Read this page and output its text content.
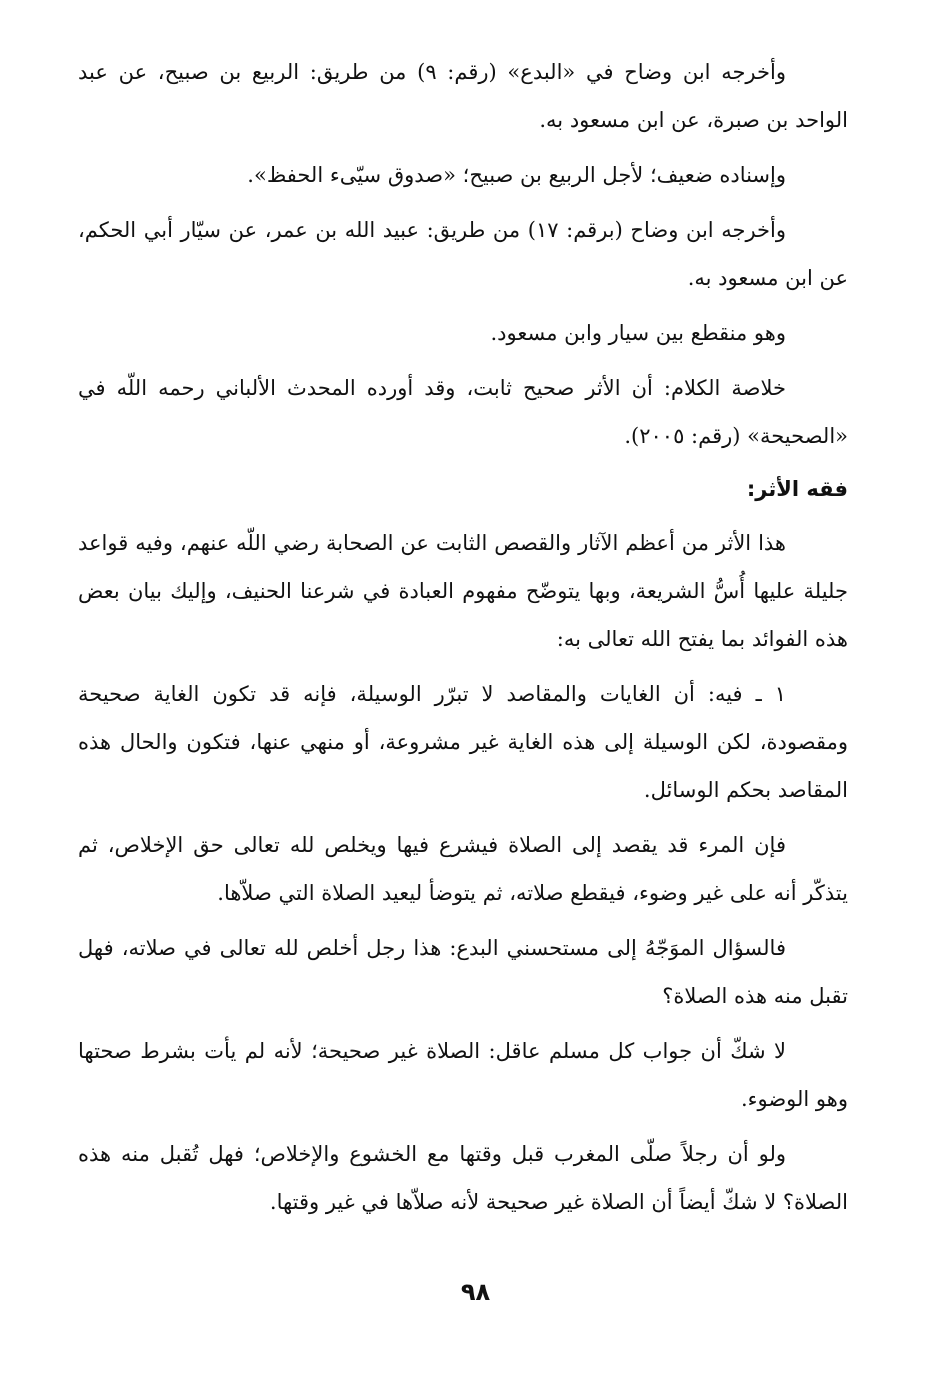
وأخرجه ابن وضاح في «البدع» (رقم: ٩) من طريق: الربيع بن صبيح، عن عبد الواحد بن صبرة، عن ابن مسعود به.

وإسناده ضعيف؛ لأجل الربيع بن صبيح؛ «صدوق سيّىء الحفظ».

وأخرجه ابن وضاح (برقم: ١٧) من طريق: عبيد الله بن عمر، عن سيّار أبي الحكم، عن ابن مسعود به.

وهو منقطع بين سيار وابن مسعود.

خلاصة الكلام: أن الأثر صحيح ثابت، وقد أورده المحدث الألباني رحمه اللّه في «الصحيحة» (رقم: ٢٠٠٥).

فقه الأثر:

هذا الأثر من أعظم الآثار والقصص الثابت عن الصحابة رضي اللّه عنهم، وفيه قواعد جليلة عليها أُسُّ الشريعة، وبها يتوضّح مفهوم العبادة في شرعنا الحنيف، وإليك بيان بعض هذه الفوائد بما يفتح الله تعالى به:

١ ـ فيه: أن الغايات والمقاصد لا تبرّر الوسيلة، فإنه قد تكون الغاية صحيحة ومقصودة، لكن الوسيلة إلى هذه الغاية غير مشروعة، أو منهي عنها، فتكون والحال هذه المقاصد بحكم الوسائل.

فإن المرء قد يقصد إلى الصلاة فيشرع فيها ويخلص لله تعالى حق الإخلاص، ثم يتذكّر أنه على غير وضوء، فيقطع صلاته، ثم يتوضأ ليعيد الصلاة التي صلاّها.

فالسؤال الموَجّهُ إلى مستحسني البدع: هذا رجل أخلص لله تعالى في صلاته، فهل تقبل منه هذه الصلاة؟

لا شكّ أن جواب كل مسلم عاقل: الصلاة غير صحيحة؛ لأنه لم يأت بشرط صحتها وهو الوضوء.

ولو أن رجلاً صلّى المغرب قبل وقتها مع الخشوع والإخلاص؛ فهل تُقبل منه هذه الصلاة؟ لا شكّ أيضاً أن الصلاة غير صحيحة لأنه صلاّها في غير وقتها.

٩٨
